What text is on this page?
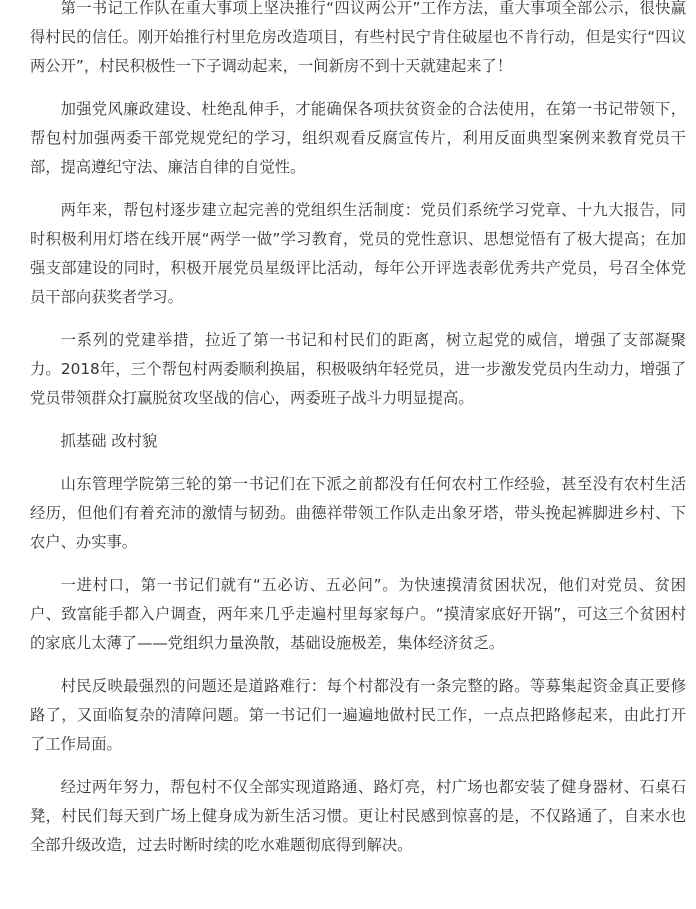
第一书记工作队在重大事项上坚决推行“四议两公开”工作方法，重大事项全部公示，很快赢得村民的信任。刚开始推行村里危房改造项目，有些村民宁肯住破屋也不肯行动，但是实行“四议两公开”，村民积极性一下子调动起来，一间新房不到十天就建起来了！

加强党风廉政建设、杜绝乱伸手，才能确保各项扶贫资金的合法使用，在第一书记带领下，帮包村加强两委干部党规党纪的学习，组织观看反腐宣传片，利用反面典型案例来教育党员干部，提高遵纪守法、廉洁自律的自觉性。

两年来，帮包村逐步建立起完善的党组织生活制度：党员们系统学习党章、十九大报告，同时积极利用灯塔在线开展“两学一做”学习教育，党员的党性意识、思想觉悟有了极大提高；在加强支部建设的同时，积极开展党员星级评比活动，每年公开评选表彰优秀共产党员，号召全体党员干部向获奖者学习。

一系列的党建举措，拉近了第一书记和村民们的距离，树立起党的威信，增强了支部凝聚力。2018年，三个帮包村两委顺利换届，积极吸纳年轻党员，进一步激发党员内生动力，增强了党员带领群众打赢脱贫攻坚战的信心，两委班子战斗力明显提高。

抓基础 改村貌

山东管理学院第三轮的第一书记们在下派之前都没有任何农村工作经验，甚至没有农村生活经历，但他们有着充沛的激情与韧劲。曲德祥带领工作队走出象牙塔，带头挽起裤脚进乡村、下农户、办实事。

一进村口，第一书记们就有“五必访、五必问”。为快速摸清贫困状况，他们对党员、贫困户、致富能手都入户调查，两年来几乎走遍村里每家每户。“摸清家底好开锅”，可这三个贫困村的家底儿太薄了——党组织力量涣散，基础设施极差，集体经济贫乏。

村民反映最强烈的问题还是道路难行：每个村都没有一条完整的路。等募集起资金真正要修路了，又面临复杂的清障问题。第一书记们一遍遍地做村民工作，一点点把路修起来，由此打开了工作局面。

经过两年努力，帮包村不仅全部实现道路通、路灯亮，村广场也都安装了健身器材、石桌石凳，村民们每天到广场上健身成为新生活习惯。更让村民感到惊喜的是，不仅路通了，自来水也全部升级改造，过去时断时续的吃水难题彻底得到解决。
